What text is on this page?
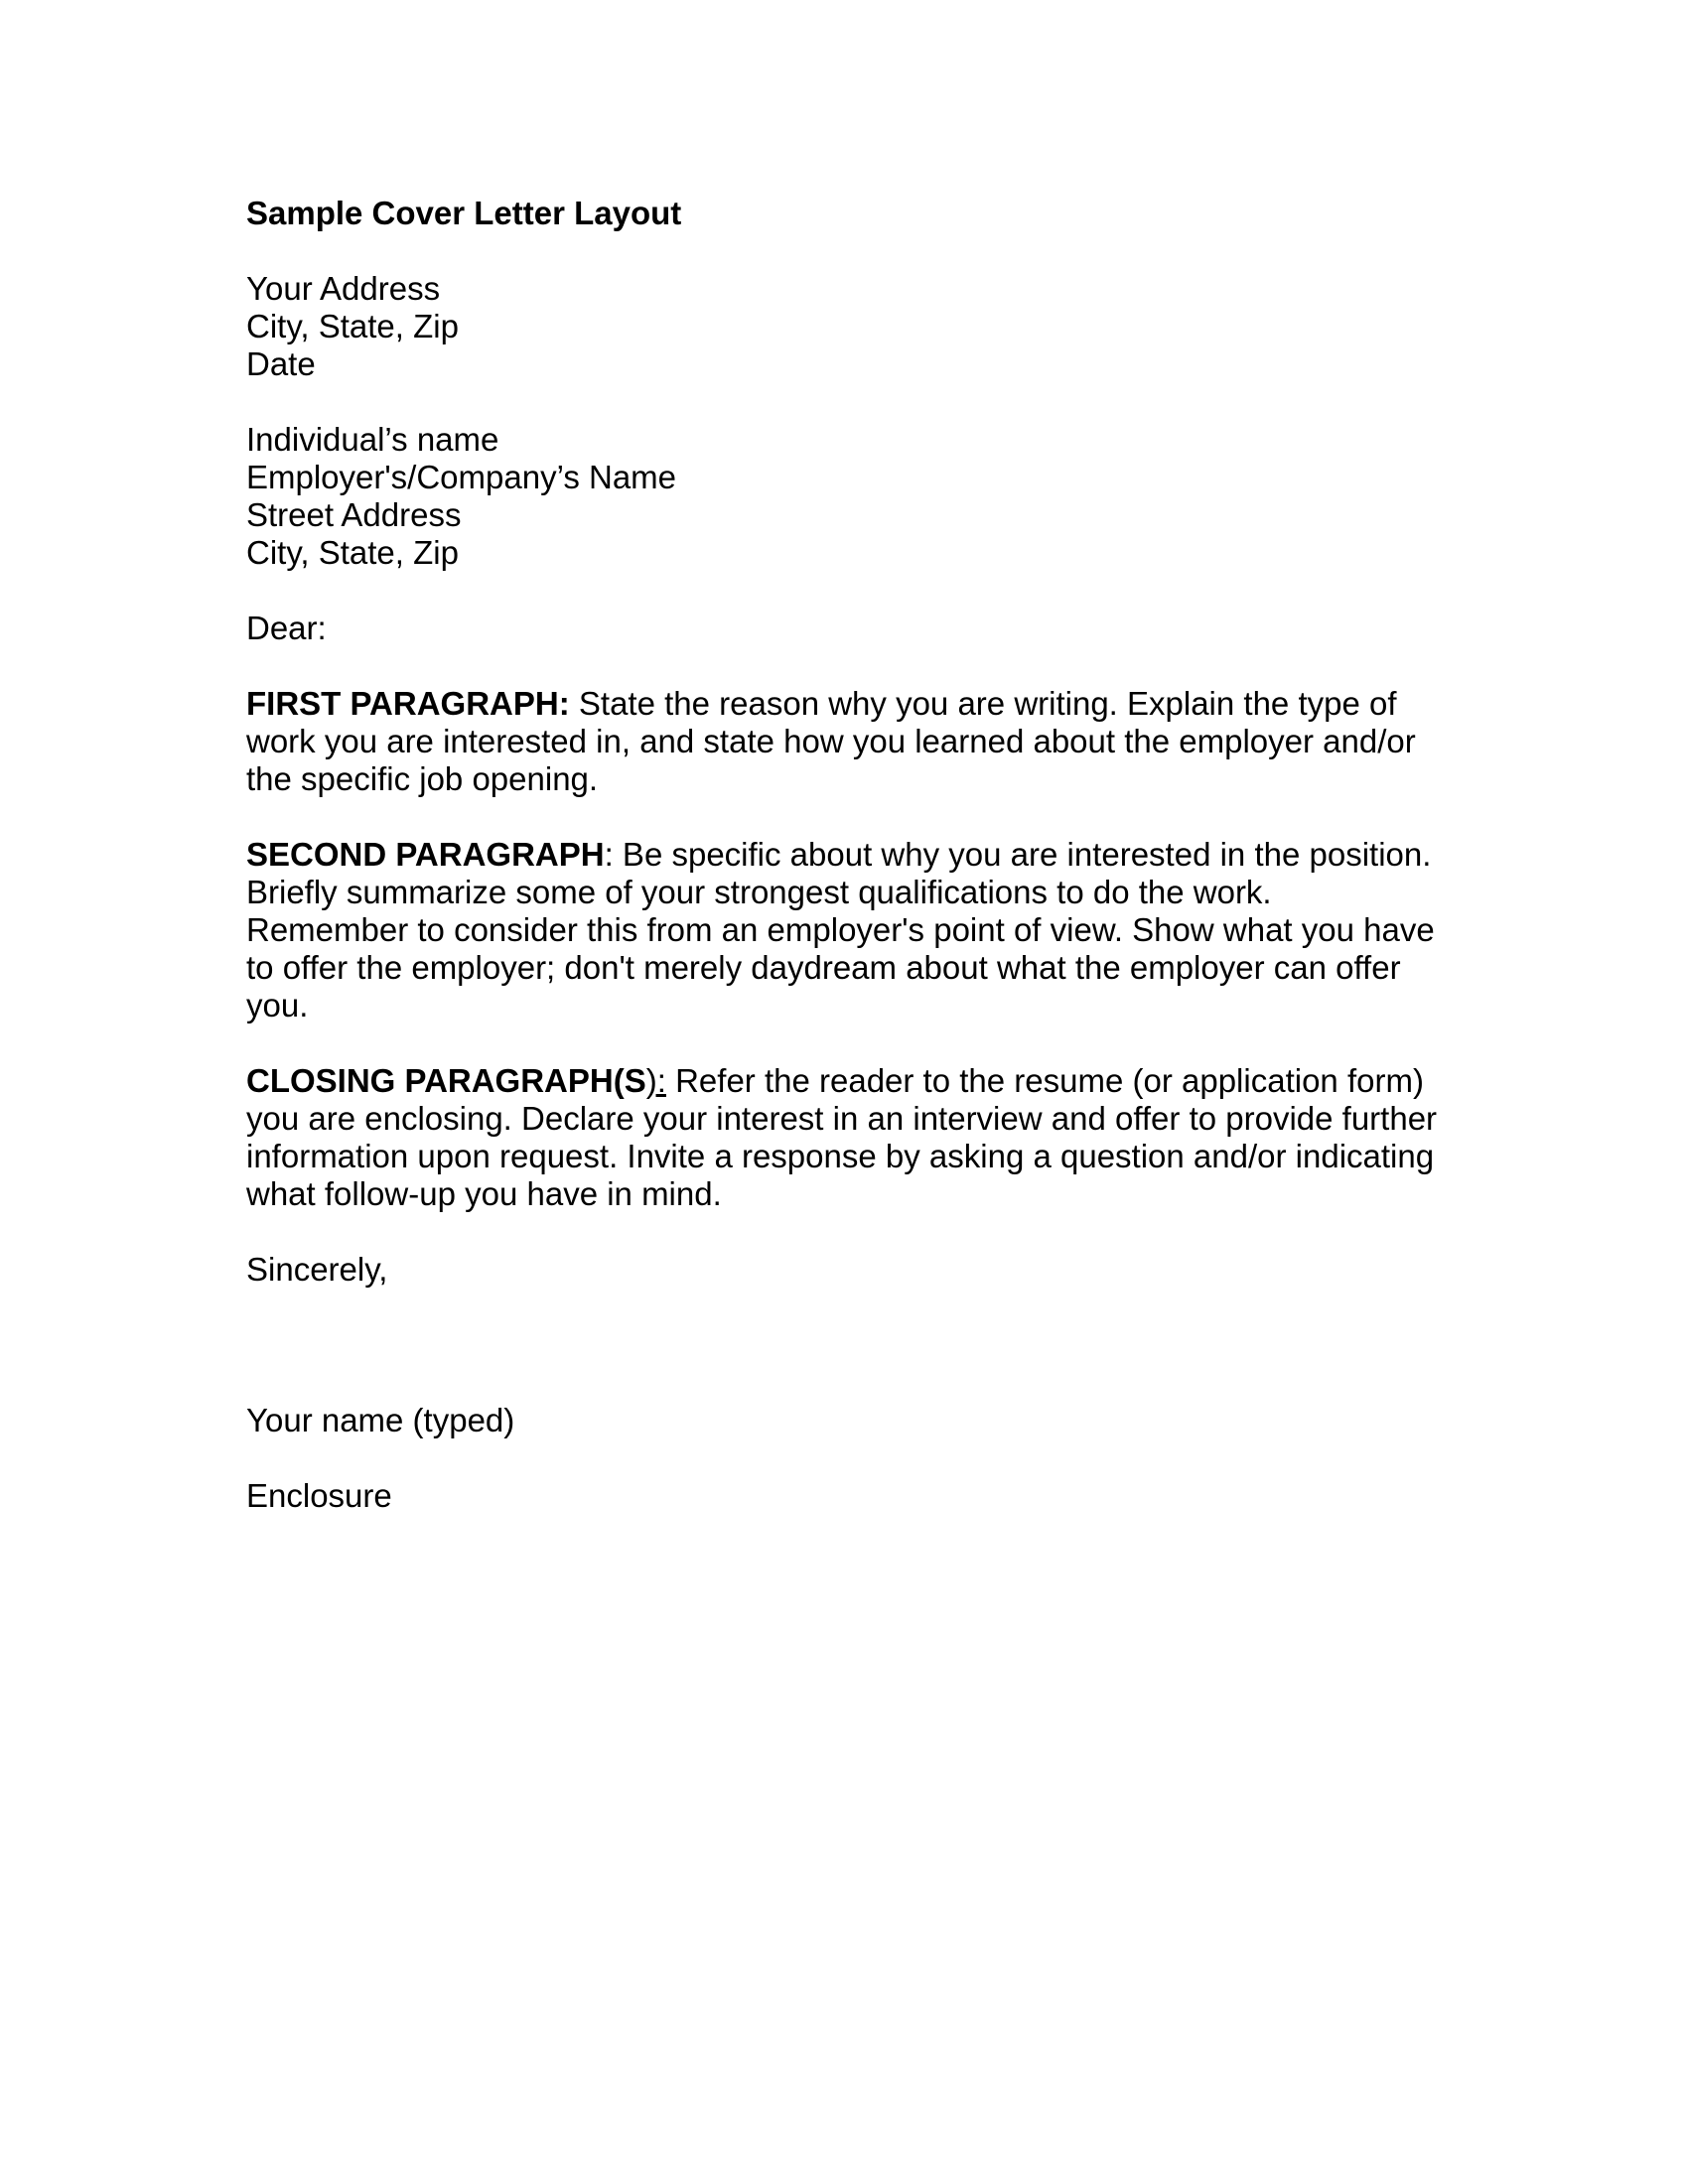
Sample Cover Letter Layout
Your Address
City, State, Zip
Date
Individual’s name
Employer's/Company’s Name
Street Address
City, State, Zip
Dear:
FIRST PARAGRAPH: State the reason why you are writing. Explain the type of work you are interested in, and state how you learned about the employer and/or the specific job opening.
SECOND PARAGRAPH: Be specific about why you are interested in the position. Briefly summarize some of your strongest qualifications to do the work. Remember to consider this from an employer's point of view. Show what you have to offer the employer; don't merely daydream about what the employer can offer you.
CLOSING PARAGRAPH(S): Refer the reader to the resume (or application form) you are enclosing. Declare your interest in an interview and offer to provide further information upon request. Invite a response by asking a question and/or indicating what follow-up you have in mind.
Sincerely,
Your name (typed)
Enclosure
